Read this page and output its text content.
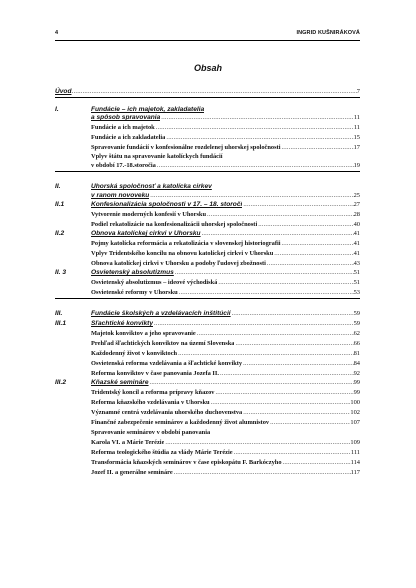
4	INGRID KUŠNIRÁKOVÁ
Obsah
Úvod .....	7
I.	Fundácie – ich majetok, zakladatelia
a spôsob spravovania .....	11
Fundácie a ich majetok .....	11
Fundácie a ich zakladatelia .....	15
Spravovanie fundácií v konfesionálne rozdelenej uhorskej spoločnosti .....	17
Vplyv štátu na spravovanie katolíckych fundácií
v období 17.-18.storočia .....	19
II.	Uhorská spoločnosť a katolícka cirkev
v ranom novoveku .....	25
II.1	Konfesionalizácia spoločnosti v 17. – 18. storočí .....	27
Vytvorenie moderných konfesií v Uhorsku .....	28
Podiel rekatolizácie na konfesionalizácii uhorskej spoločnosti .....	40
II.2	Obnova katolíckej cirkvi v Uhorsku .....	41
Pojmy katolícka reformácia a rekatolizácia v slovenskej historiografii .....	41
Vplyv Tridentského koncilu na obnovu katolíckej cirkvi v Uhorsku .....	41
Obnova katolíckej cirkvi v Uhorsku a podoby ľudovej zbožnosti .....	43
II. 3	Osvietenský absolutizmus .....	51
Osvietenský absolutizmus – ideové východiská .....	51
Osvietenské reformy v Uhorsku .....	53
III.	Fundácie školských a vzdelávacích inštitúcií .....	59
III.1	Šľachtické konvikty .....	59
Majetok konviktov a jeho spravovanie .....	62
Prehľad šľachtických konviktov na území Slovenska .....	66
Každodenný život v konviktoch .....	81
Osvietenská reforma vzdelávania a šľachtické konvikty .....	84
Reforma konviktov v čase panovania Jozefa II. .....	92
III.2	Kňazské semináre .....	99
Tridentský koncil a reforma prípravy kňazov .....	99
Reforma kňazského vzdelávania v Uhorsku .....	100
Významné centrá vzdelávania uhorského duchovenstva .....	102
Finančné zabezpečenie seminárov a každodenný život alumnistov .....	107
Spravovanie seminárov v období panovania
Karola VI. a Márie Terézie .....	109
Reforma teologického štúdia za vlády Márie Terézie .....	111
Transformácia kňazských seminárov v čase episkopátu F. Barkóczyho .....	114
Jozef II. a generálne semináre .....	117
